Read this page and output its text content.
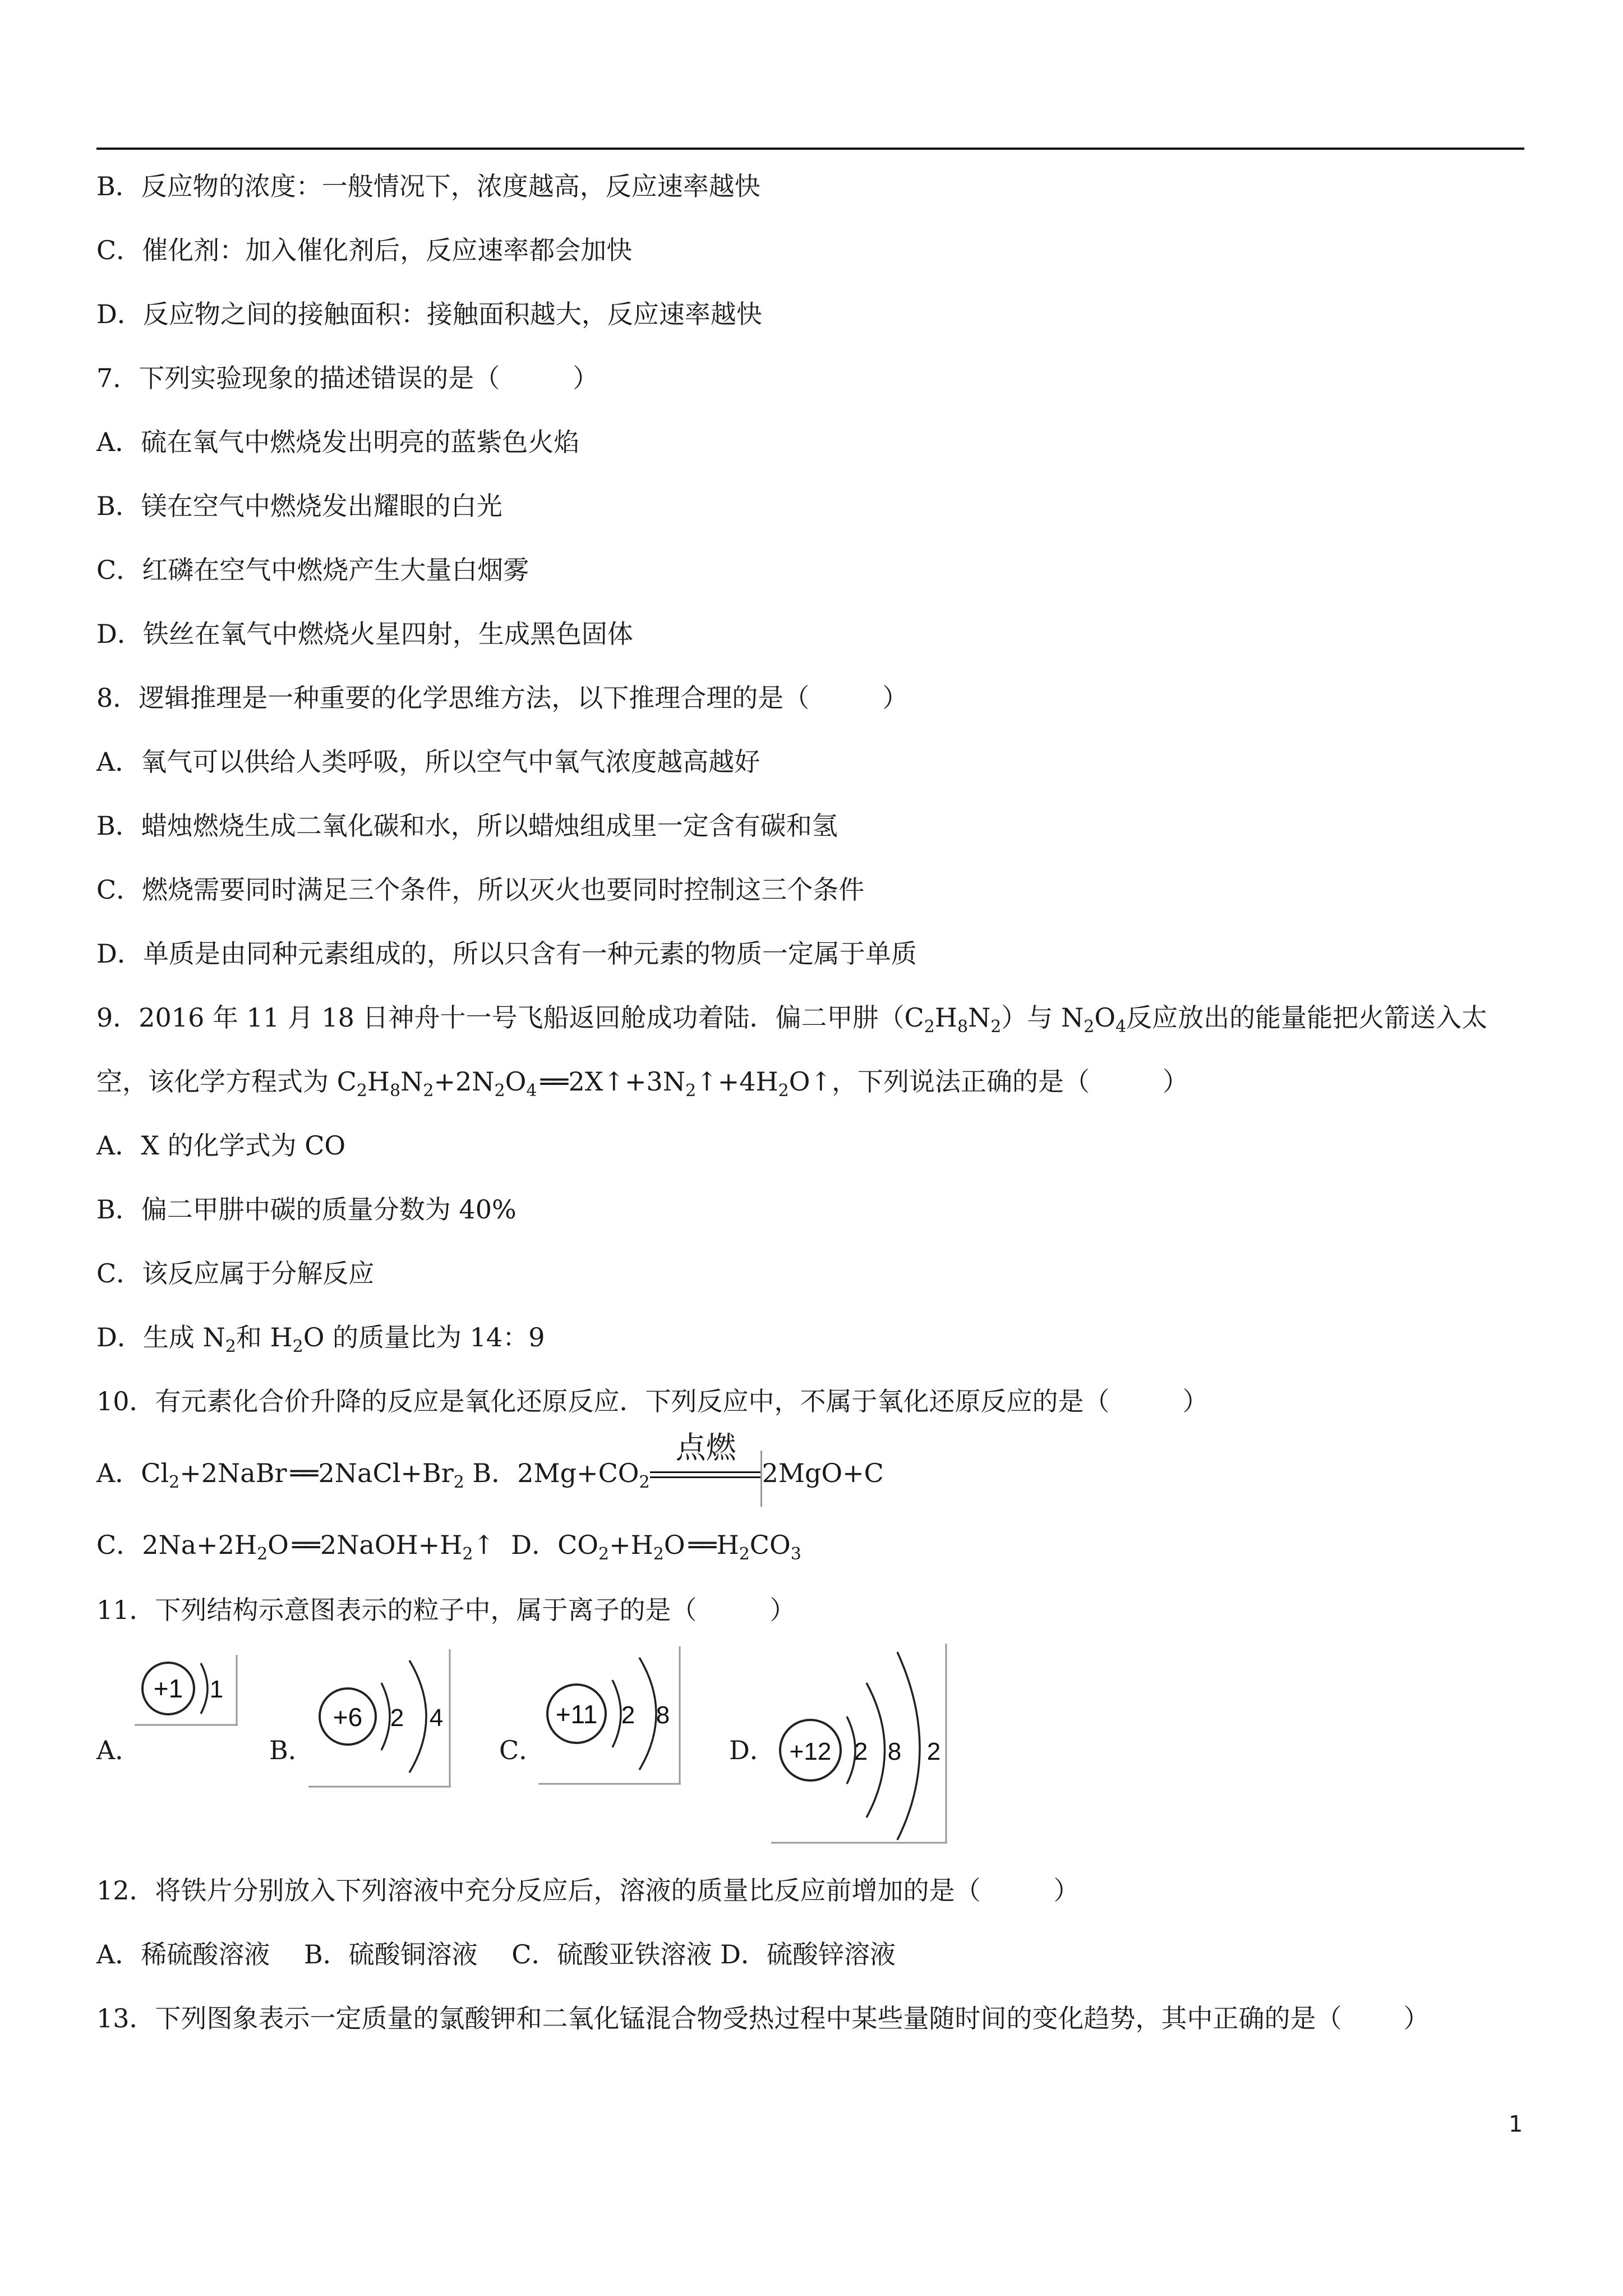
B．反应物的浓度：一般情况下，浓度越高，反应速率越快

C．催化剂：加入催化剂后，反应速率都会加快

D．反应物之间的接触面积：接触面积越大，反应速率越快

7．下列实验现象的描述错误的是（	）

A．硫在氧气中燃烧发出明亮的蓝紫色火焰

B．镁在空气中燃烧发出耀眼的白光

C．红磷在空气中燃烧产生大量白烟雾

D．铁丝在氧气中燃烧火星四射，生成黑色固体

8．逻辑推理是一种重要的化学思维方法，以下推理合理的是（	）

A．氧气可以供给人类呼吸，所以空气中氧气浓度越高越好

B．蜡烛燃烧生成二氧化碳和水，所以蜡烛组成里一定含有碳和氢

C．燃烧需要同时满足三个条件，所以灭火也要同时控制这三个条件

D．单质是由同种元素组成的，所以只含有一种元素的物质一定属于单质

9．2016 年 11 月 18 日神舟十一号飞船返回舱成功着陆．偏二甲肼$(C_2H_8N_2)$与 $N_2O_4$反应放出的能量能把火箭送入太

空，该化学方程式为 $C_2H_8N_2+2N_2O_4$ ══ $2X↑+3N_2↑+4H_2O↑$，下列说法正确的是（	）

A．X 的化学式为 CO

B．偏二甲肼中碳的质量分数为 40%

C．该反应属于分解反应

D．生成 $N_2$和 $H_2O$ 的质量比为 14：9

10．有元素化合价升降的反应是氧化还原反应．下列反应中，不属于氧化还原反应的是（	）

A．$Cl_2+2NaBr$ ══ $2NaCl+Br_2$ B．$2Mg+CO_2$
点燃
2MgO+C

C．$2Na+2H_2O$ ══ $2NaOH+H_2↑$ D．$CO_2+H_2O$ ══ $H_2CO_3$

11．下列结构示意图表示的粒子中，属于离子的是（	）

A．
+1 1
B．
+6 2 4
C．
+11 2 8
D． +12 2 8 2

12．将铁片分别放入下列溶液中充分反应后，溶液的质量比反应前增加的是（	）

A．稀硫酸溶液　 B．硫酸铜溶液　 C．硫酸亚铁溶液 D．硫酸锌溶液

13．下列图象表示一定质量的氯酸钾和二氧化锰混合物受热过程中某些量随时间的变化趋势，其中正确的是（ ）

1
